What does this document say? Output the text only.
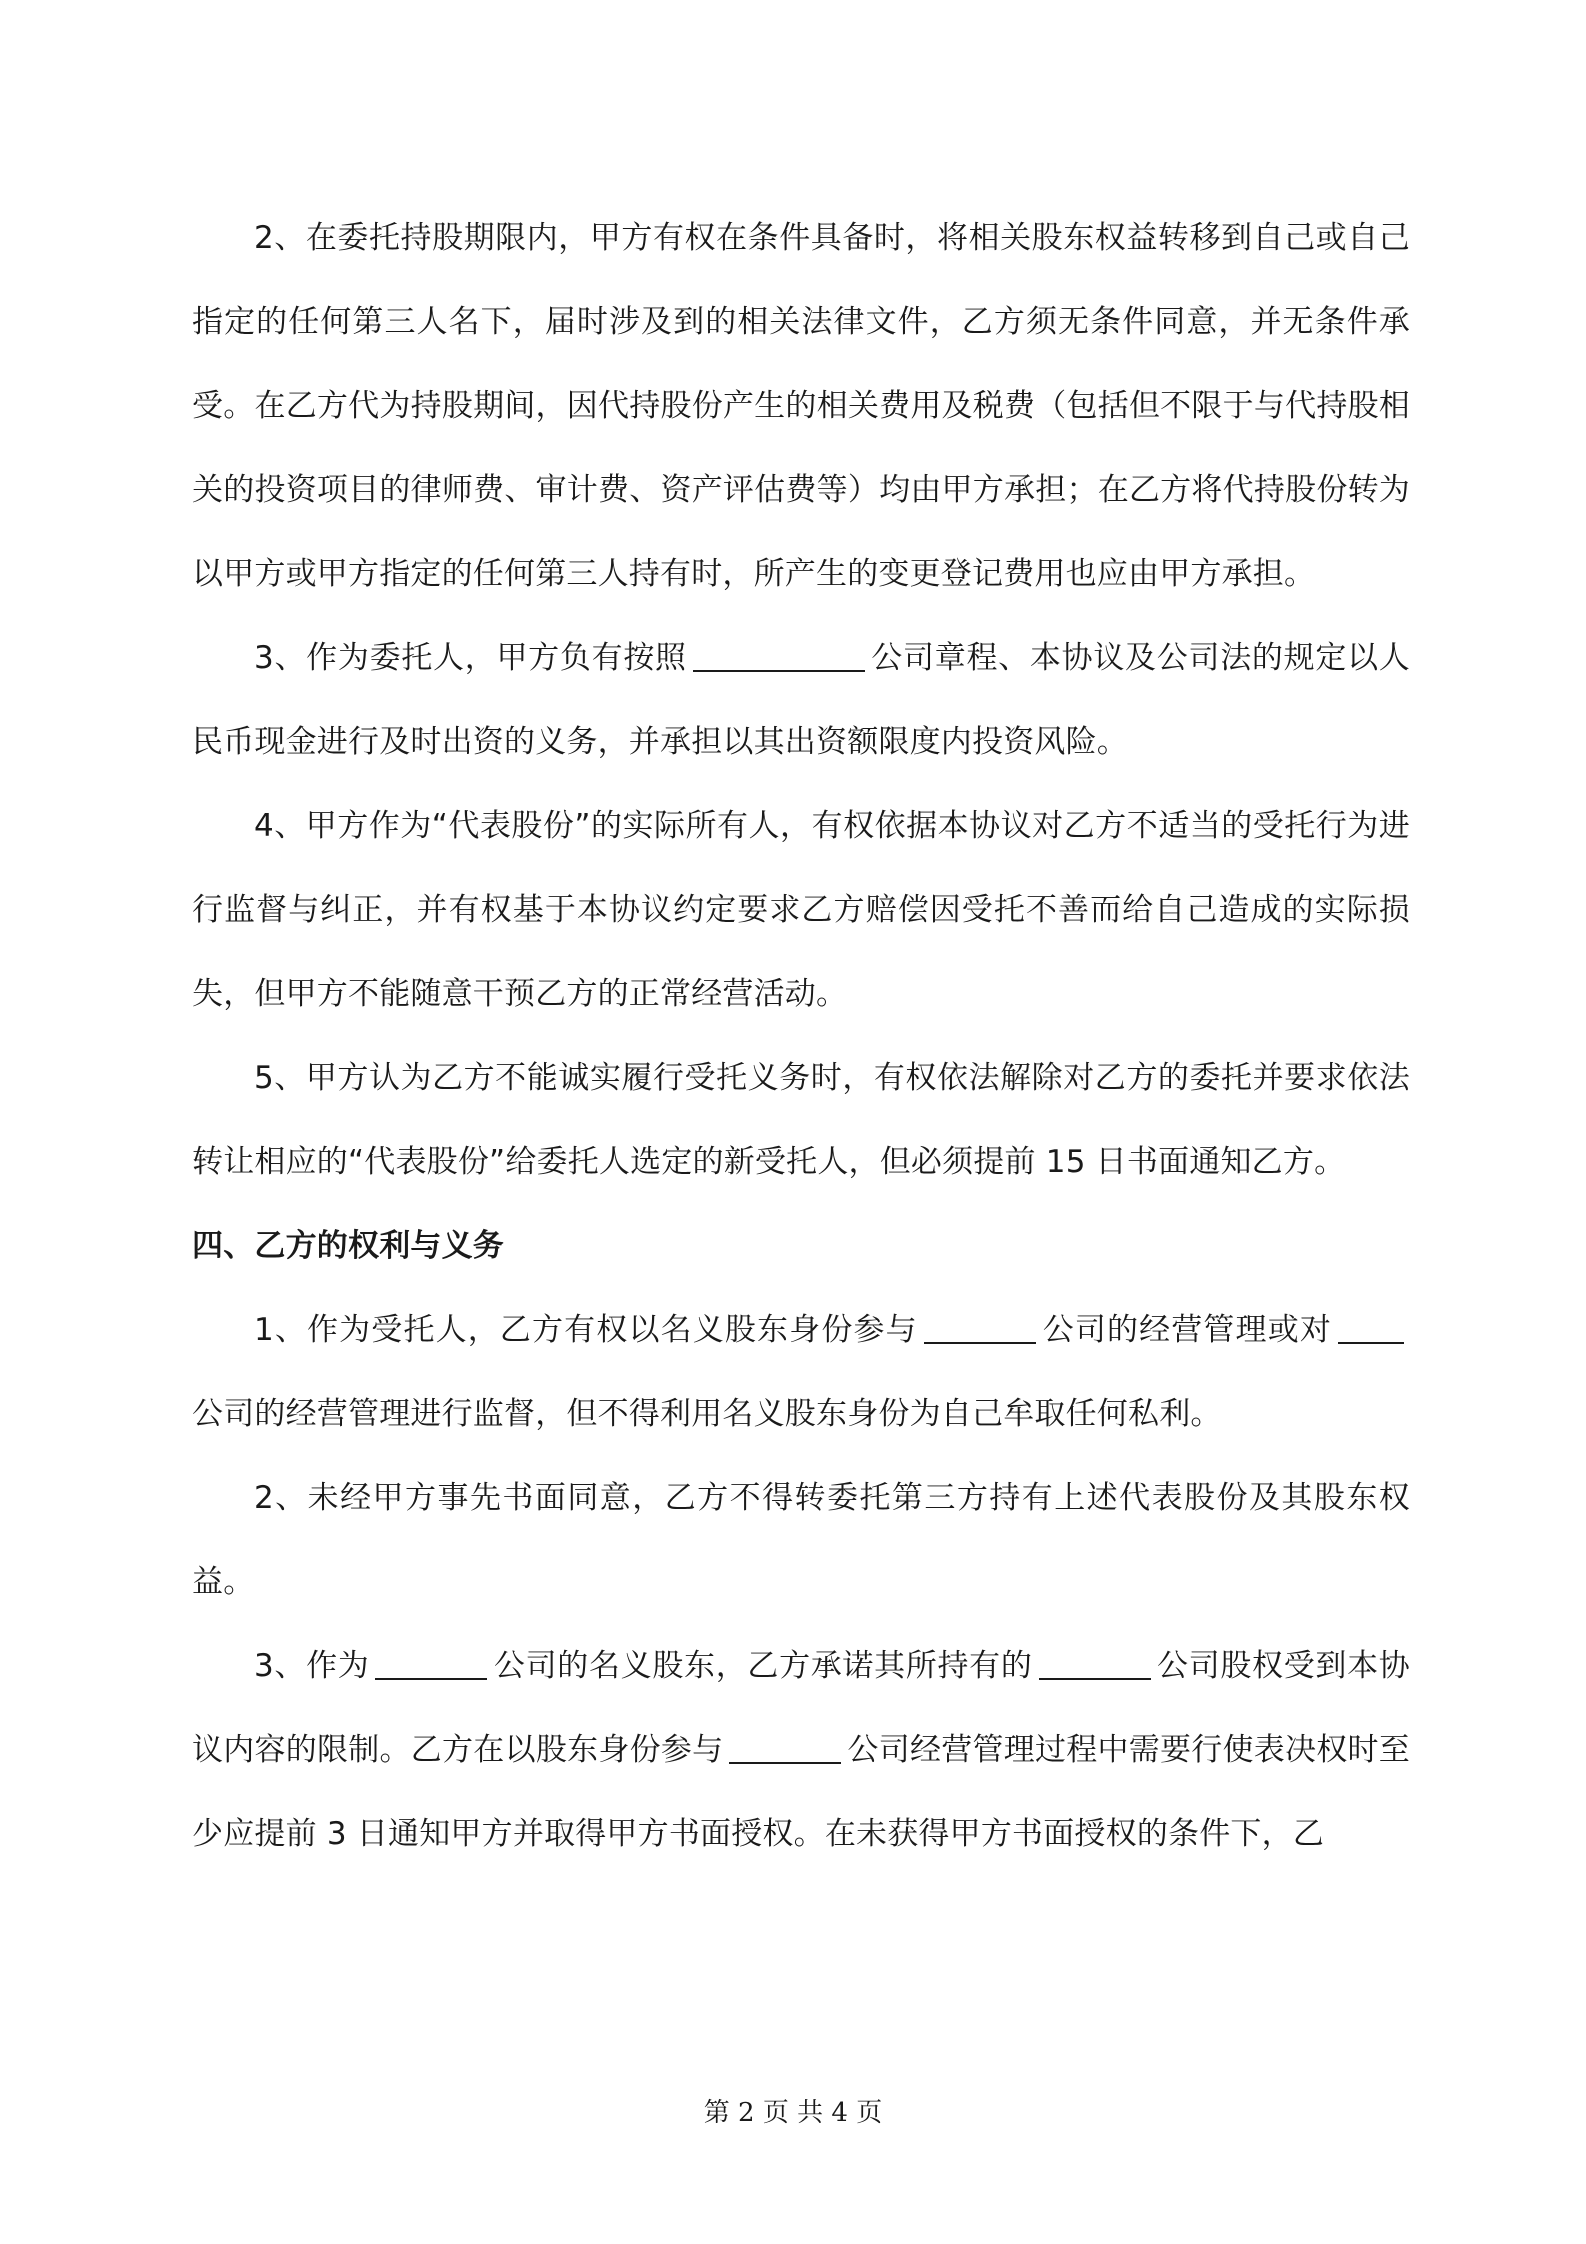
2、在委托持股期限内，甲方有权在条件具备时，将相关股东权益转移到自己或自己指定的任何第三人名下，届时涉及到的相关法律文件，乙方须无条件同意，并无条件承受。在乙方代为持股期间，因代持股份产生的相关费用及税费（包括但不限于与代持股相关的投资项目的律师费、审计费、资产评估费等）均由甲方承担；在乙方将代持股份转为以甲方或甲方指定的任何第三人持有时，所产生的变更登记费用也应由甲方承担。

3、作为委托人，甲方负有按照	公司章程、本协议及公司法的规定以人民币现金进行及时出资的义务，并承担以其出资额限度内投资风险。

4、甲方作为“代表股份”的实际所有人，有权依据本协议对乙方不适当的受托行为进行监督与纠正，并有权基于本协议约定要求乙方赔偿因受托不善而给自己造成的实际损失，但甲方不能随意干预乙方的正常经营活动。

5、甲方认为乙方不能诚实履行受托义务时，有权依法解除对乙方的委托并要求依法转让相应的“代表股份”给委托人选定的新受托人，但必须提前 15 日书面通知乙方。

四、乙方的权利与义务

1、作为受托人，乙方有权以名义股东身份参与	公司的经营管理或对公司的经营管理进行监督，但不得利用名义股东身份为自己牟取任何私利。

2、未经甲方事先书面同意，乙方不得转委托第三方持有上述代表股份及其股东权益。

3、作为	公司的名义股东，乙方承诺其所持有的	公司股权受到本协议内容的限制。乙方在以股东身份参与	公司经营管理过程中需要行使表决权时至少应提前 3 日通知甲方并取得甲方书面授权。在未获得甲方书面授权的条件下，乙

第 2 页 共 4 页
